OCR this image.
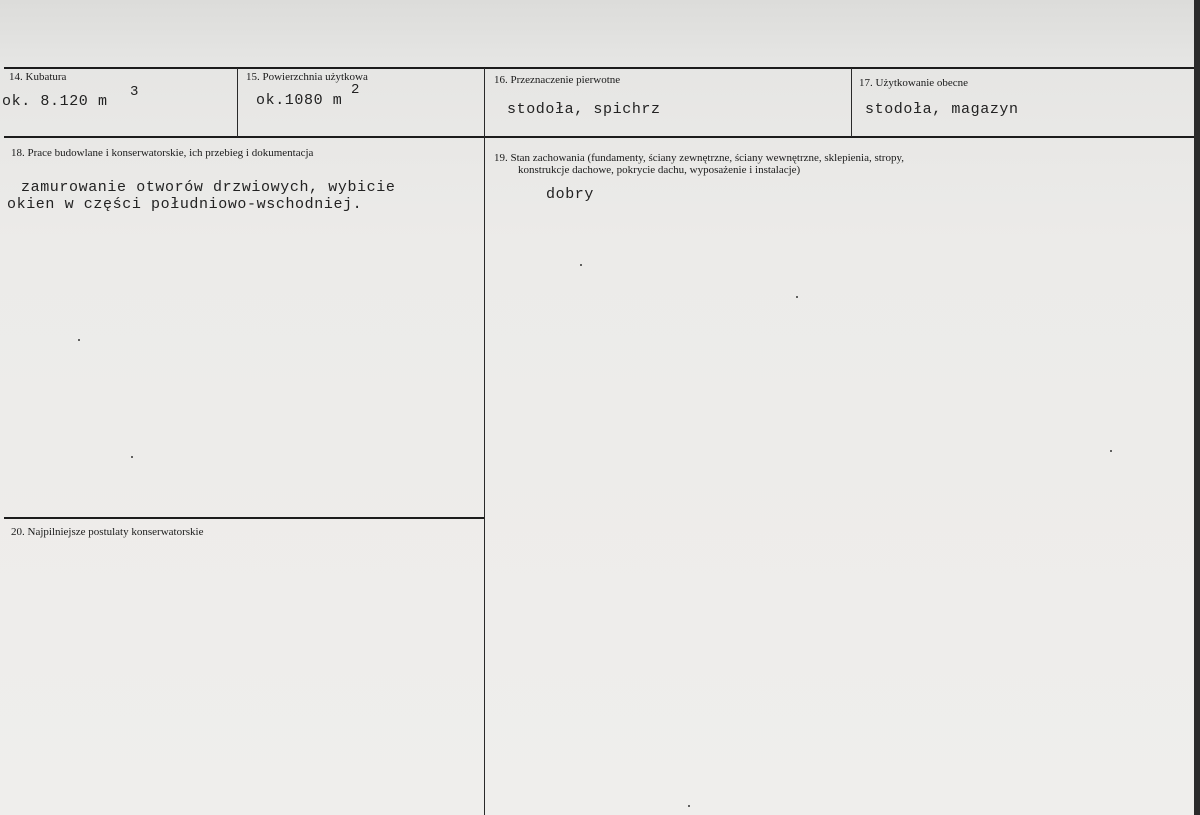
14. Kubatura
ok. 8.120 m
3
15. Powierzchnia użytkowa
ok.1080 m
2
16. Przeznaczenie pierwotne
stodoła, spichrz
17. Użytkowanie obecne
stodoła, magazyn
18. Prace budowlane i konserwatorskie, ich przebieg i dokumentacja
zamurowanie otworów drzwiowych, wybicie
okien w części południowo-wschodniej.
19. Stan zachowania (fundamenty, ściany zewnętrzne, ściany wewnętrzne, sklepienia, stropy,
konstrukcje dachowe, pokrycie dachu, wyposażenie i instalacje)
dobry
20. Najpilniejsze postulaty konserwatorskie
